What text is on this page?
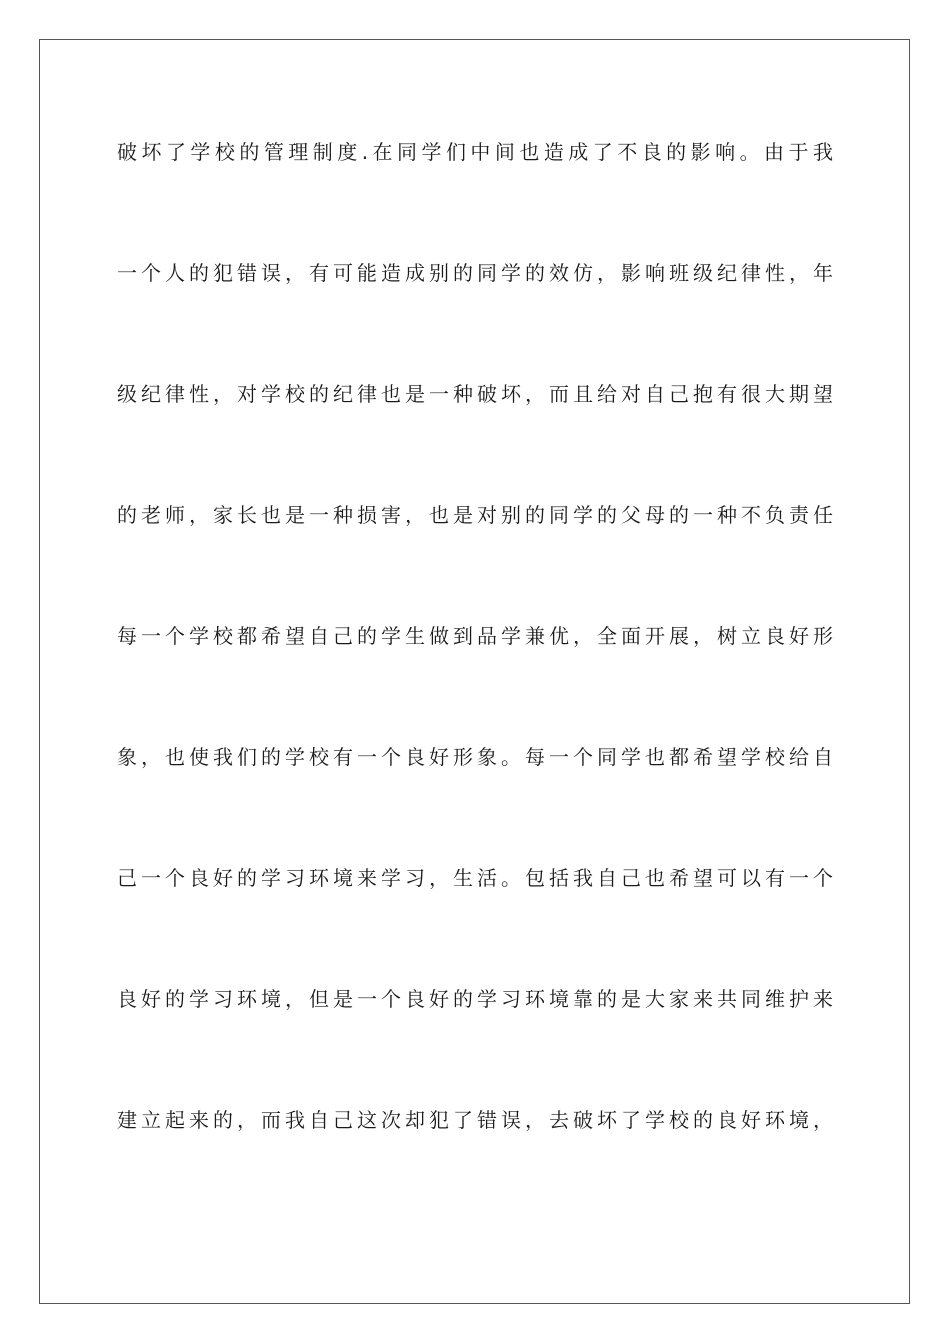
破坏了学校的管理制度.在同学们中间也造成了不良的影响。由于我
一个人的犯错误，有可能造成别的同学的效仿，影响班级纪律性，年
级纪律性，对学校的纪律也是一种破坏，而且给对自己抱有很大期望
的老师，家长也是一种损害，也是对别的同学的父母的一种不负责任
每一个学校都希望自己的学生做到品学兼优，全面开展，树立良好形
象，也使我们的学校有一个良好形象。每一个同学也都希望学校给自
己一个良好的学习环境来学习，生活。包括我自己也希望可以有一个
良好的学习环境，但是一个良好的学习环境靠的是大家来共同维护来
建立起来的，而我自己这次却犯了错误，去破坏了学校的良好环境，
